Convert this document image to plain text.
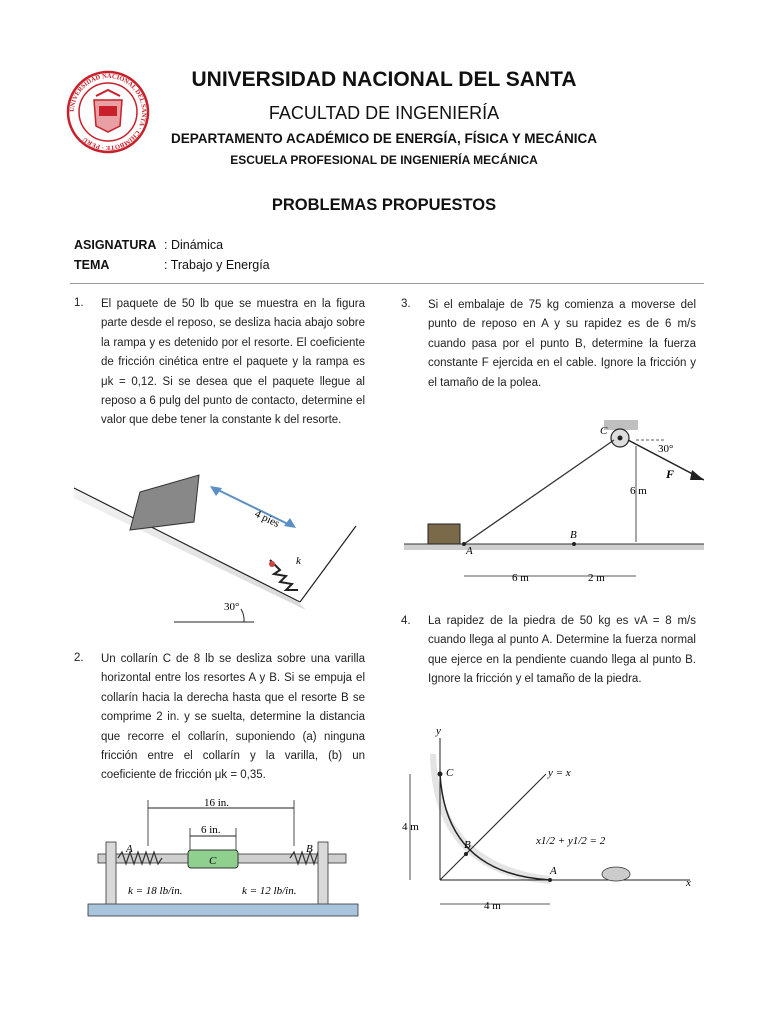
UNIVERSIDAD NACIONAL DEL SANTA · CHIMBOTE · PERÚ
UNIVERSIDAD NACIONAL DEL SANTA
FACULTAD DE INGENIERÍA
DEPARTAMENTO ACADÉMICO DE ENERGÍA, FÍSICA Y MECÁNICA
ESCUELA PROFESIONAL DE INGENIERÍA MECÁNICA
PROBLEMAS PROPUESTOS
ASIGNATURA : Dinámica
TEMA	: Trabajo y Energía
1. El paquete de 50 lb que se muestra en la figura parte desde el reposo, se desliza hacia abajo sobre la rampa y es detenido por el resorte. El coeficiente de fricción cinética entre el paquete y la rampa es μk = 0,12. Si se desea que el paquete llegue al reposo a 6 pulg del punto de contacto, determine el valor que debe tener la constante k del resorte.
4 pies
k
30°
2. Un collarín C de 8 lb se desliza sobre una varilla horizontal entre los resortes A y B. Si se empuja el collarín hacia la derecha hasta que el resorte B se comprime 2 in. y se suelta, determine la distancia que recorre el collarín, suponiendo (a) ninguna fricción entre el collarín y la varilla, (b) un coeficiente de fricción μk = 0,35.
16 in.
6 in.
C
A	B
k = 18 lb/in.	k = 12 lb/in.
3. Si el embalaje de 75 kg comienza a moverse del punto de reposo en A y su rapidez es de 6 m/s cuando pasa por el punto B, determine la fuerza constante F ejercida en el cable. Ignore la fricción y el tamaño de la polea.
C
F
30°
6 m
A
B
6 m	2 m
4. La rapidez de la piedra de 50 kg es vA = 8 m/s cuando llega al punto A. Determine la fuerza normal que ejerce en la pendiente cuando llega al punto B. Ignore la fricción y el tamaño de la piedra.
y
x
y = x
x1/2 + y1/2 = 2
C
B
A
4 m
4 m
